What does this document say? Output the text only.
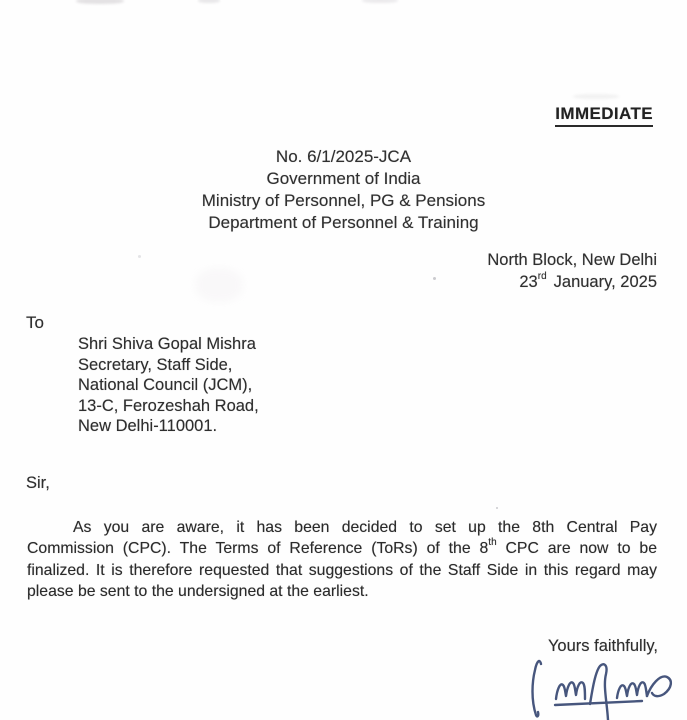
IMMEDIATE
No. 6/1/2025-JCA
Government of India
Ministry of Personnel, PG & Pensions
Department of Personnel & Training
North Block, New Delhi
23rd January, 2025
To
Shri Shiva Gopal Mishra
Secretary, Staff Side,
National Council (JCM),
13-C, Ferozeshah Road,
New Delhi-110001.
Sir,
As you are aware, it has been decided to set up the 8th Central Pay
Commission (CPC). The Terms of Reference (ToRs) of the 8th CPC are now to be
finalized. It is therefore requested that suggestions of the Staff Side in this regard may
please be sent to the undersigned at the earliest.
Yours faithfully,
